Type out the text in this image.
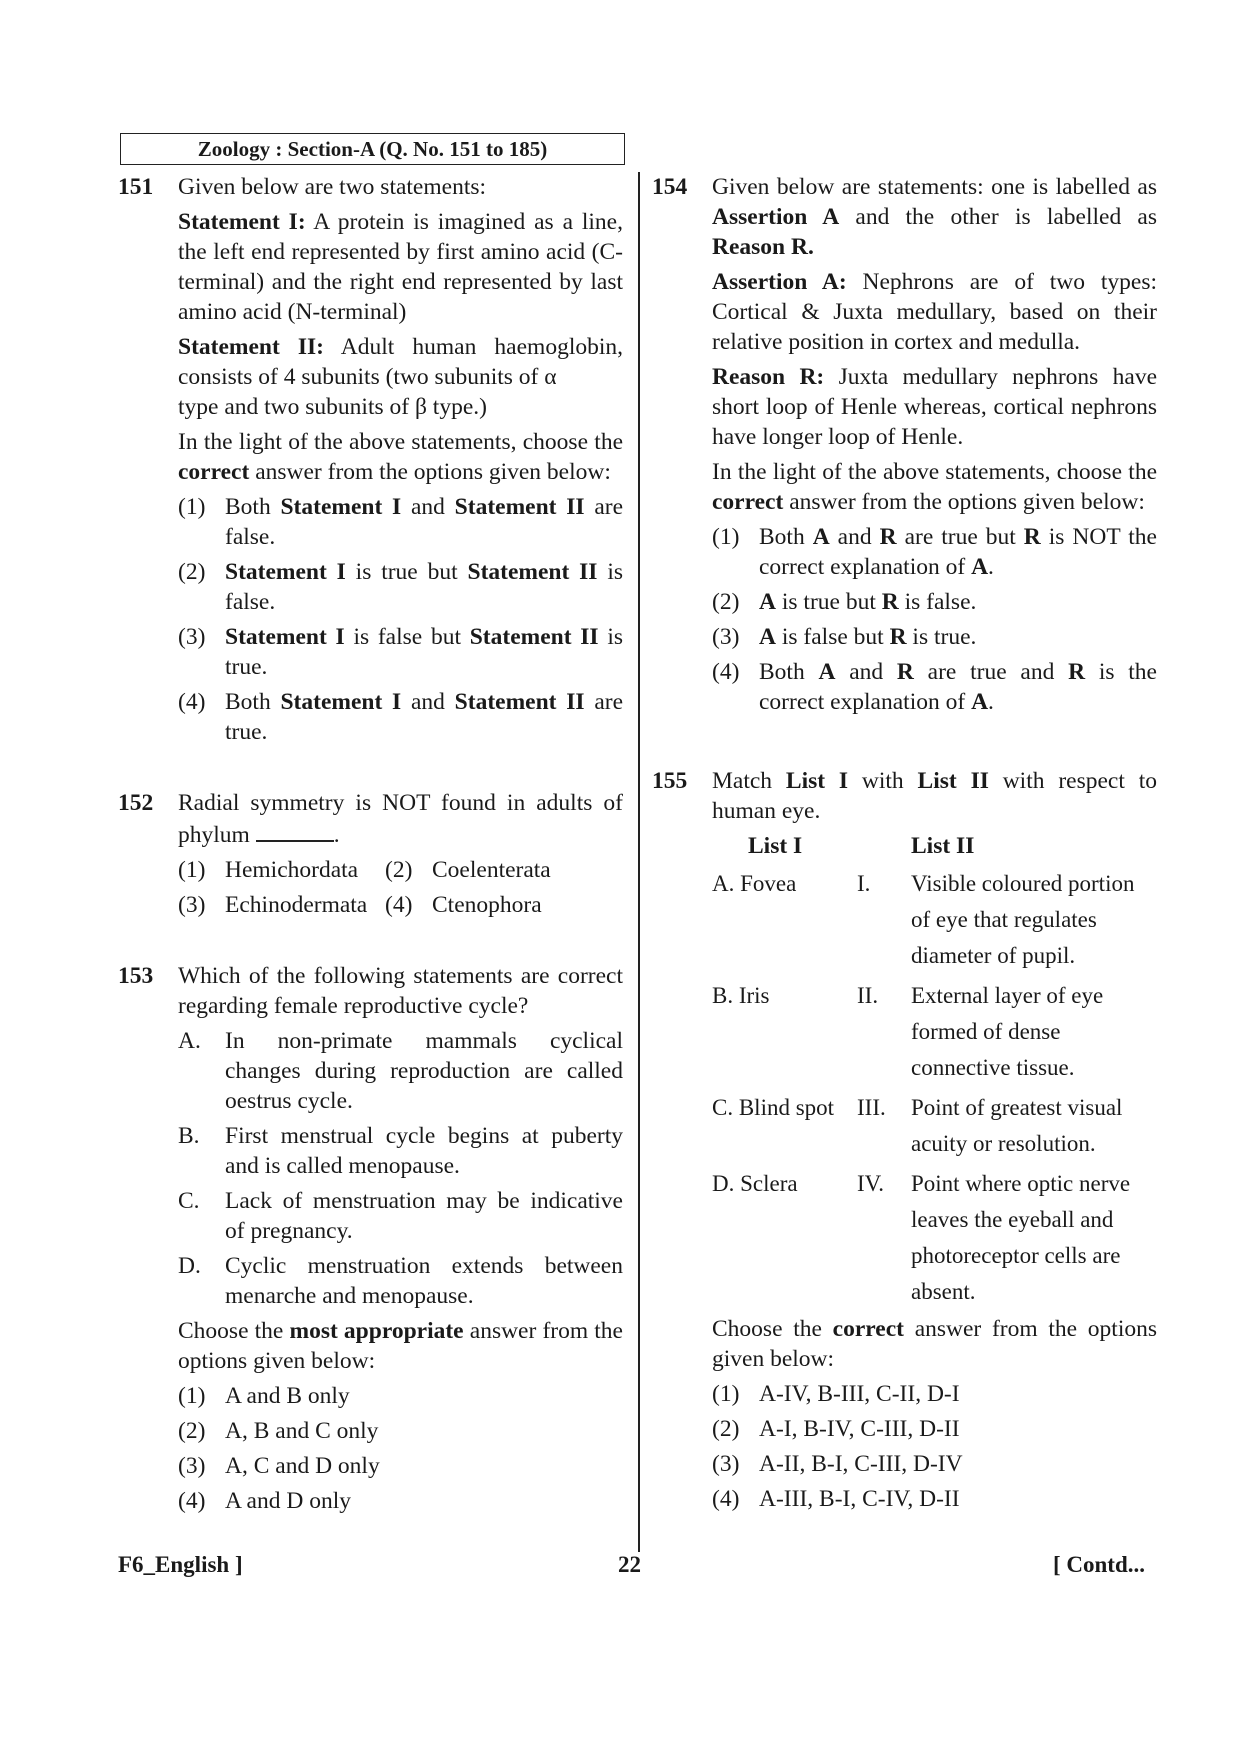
Zoology : Section-A (Q. No. 151 to 185)
151 Given below are two statements:

Statement I: A protein is imagined as a line, the left end represented by first amino acid (C-terminal) and the right end represented by last amino acid (N-terminal)

Statement II: Adult human haemoglobin, consists of 4 subunits (two subunits of α
type and two subunits of β type.)

In the light of the above statements, choose the correct answer from the options given below:

(1) Both Statement I and Statement II are false.
(2) Statement I is true but Statement II is false.
(3) Statement I is false but Statement II is true.
(4) Both Statement I and Statement II are true.
152 Radial symmetry is NOT found in adults of phylum	.

(1) Hemichordata	(2) Coelenterata
(3) Echinodermata (4) Ctenophora
153 Which of the following statements are correct regarding female reproductive cycle?

A. In non-primate mammals cyclical changes during reproduction are called oestrus cycle.
B. First menstrual cycle begins at puberty and is called menopause.
C. Lack of menstruation may be indicative of pregnancy.
D. Cyclic menstruation extends between menarche and menopause.

Choose the most appropriate answer from the options given below:

(1) A and B only
(2) A, B and C only
(3) A, C and D only
(4) A and D only
154 Given below are statements: one is labelled as Assertion A and the other is labelled as Reason R.

Assertion A: Nephrons are of two types: Cortical & Juxta medullary, based on their relative position in cortex and medulla.

Reason R: Juxta medullary nephrons have short loop of Henle whereas, cortical nephrons have longer loop of Henle.

In the light of the above statements, choose the correct answer from the options given below:

(1) Both A and R are true but R is NOT the correct explanation of A.
(2) A is true but R is false.
(3) A is false but R is true.
(4) Both A and R are true and R is the correct explanation of A.
155 Match List I with List II with respect to human eye.

List I	List II
A. Fovea	I.	Visible coloured portion of eye that regulates diameter of pupil.
B. Iris	II.	External layer of eye formed of dense connective tissue.
C. Blind spot III.	Point of greatest visual acuity or resolution.
D. Sclera	IV.	Point where optic nerve leaves the eyeball and photoreceptor cells are absent.

Choose the correct answer from the options given below:

(1) A-IV, B-III, C-II, D-I
(2) A-I, B-IV, C-III, D-II
(3) A-II, B-I, C-III, D-IV
(4) A-III, B-I, C-IV, D-II
F6_English ]	22	[ Contd...
